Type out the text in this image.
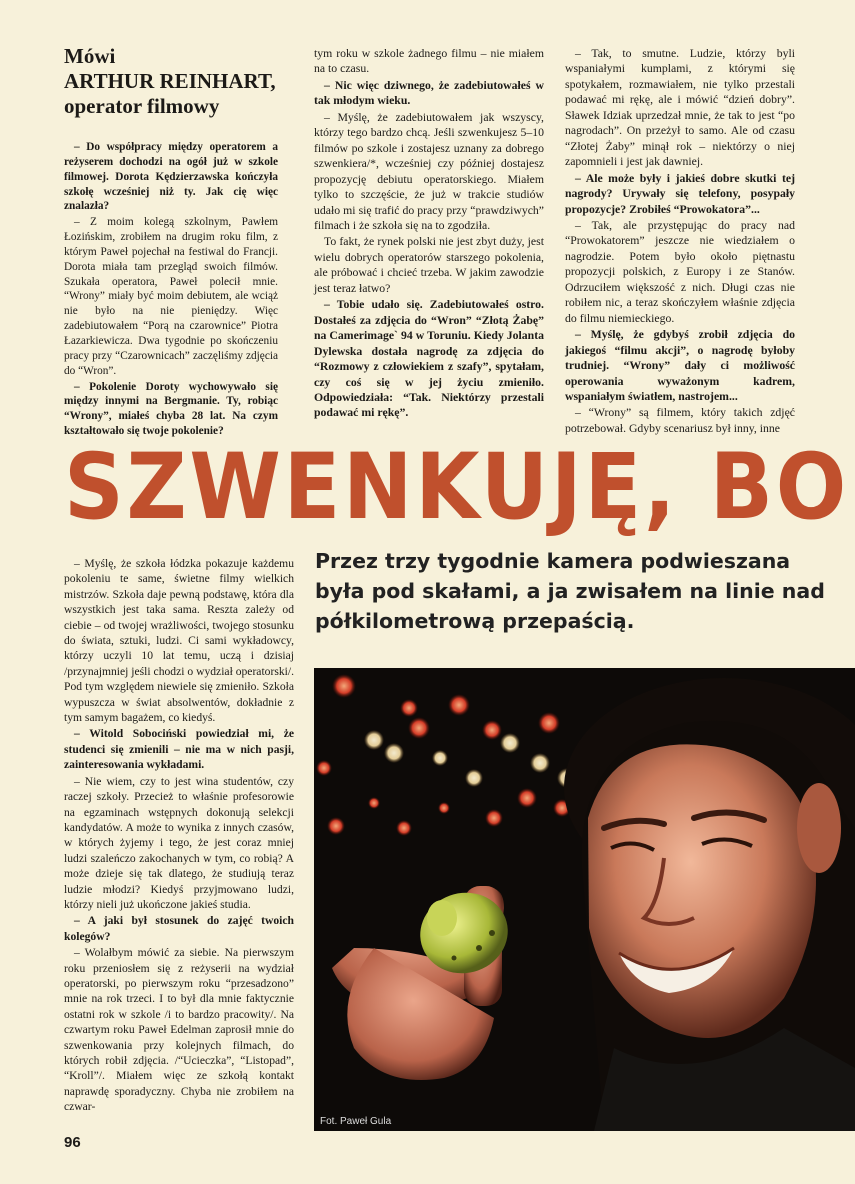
Mówi
ARTHUR REINHART,
operator filmowy

– Do współpracy między operatorem a reżyserem dochodzi na ogół już w szkole filmowej. Dorota Kędzierzawska kończyła szkołę wcześniej niż ty. Jak cię więc znalazła?

– Z moim kolegą szkolnym, Pawłem Łozińskim, zrobiłem na drugim roku film, z którym Paweł pojechał na festiwal do Francji. Dorota miała tam przegląd swoich filmów. Szukała operatora, Paweł polecił mnie. “Wrony” miały być moim debiutem, ale wciąż nie było na nie pieniędzy. Więc zadebiutowałem “Porą na czarownice” Piotra Łazarkiewicza. Dwa tygodnie po skończeniu pracy przy “Czarownicach” zaczęliśmy zdjęcia do “Wron”.

– Pokolenie Doroty wychowywało się między innymi na Bergmanie. Ty, robiąc “Wrony”, miałeś chyba 28 lat. Na czym kształtowało się twoje pokolenie?

tym roku w szkole żadnego filmu – nie miałem na to czasu.

– Nic więc dziwnego, że zadebiutowałeś w tak młodym wieku.

– Myślę, że zadebiutowałem jak wszyscy, którzy tego bardzo chcą. Jeśli szwenkujesz 5–10 filmów po szkole i zostajesz uznany za dobrego szwenkiera/*, wcześniej czy później dostajesz propozycję debiutu operatorskiego. Miałem tylko to szczęście, że już w trakcie studiów udało mi się trafić do pracy przy “prawdziwych” filmach i że szkoła się na to zgodziła.

To fakt, że rynek polski nie jest zbyt duży, jest wielu dobrych operatorów starszego pokolenia, ale próbować i chcieć trzeba. W jakim zawodzie jest teraz łatwo?

– Tobie udało się. Zadebiutowałeś ostro. Dostałeś za zdjęcia do “Wron” “Złotą Żabę” na Camerimage` 94 w Toruniu. Kiedy Jolanta Dylewska dostała nagrodę za zdjęcia do “Rozmowy z człowiekiem z szafy”, spytałam, czy coś się w jej życiu zmieniło. Odpowiedziała: “Tak. Niektórzy przestali podawać mi rękę”.

– Tak, to smutne. Ludzie, którzy byli wspaniałymi kumplami, z którymi się spotykałem, rozmawiałem, nie tylko przestali podawać mi rękę, ale i mówić “dzień dobry”. Sławek Idziak uprzedzał mnie, że tak to jest “po nagrodach”. On przeżył to samo. Ale od czasu “Złotej Żaby” minął rok – niektórzy o niej zapomnieli i jest jak dawniej.

– Ale może były i jakieś dobre skutki tej nagrody? Urywały się telefony, posypały propozycje? Zrobiłeś “Prowokatora”...

– Tak, ale przystępując do pracy nad “Prowokatorem” jeszcze nie wiedziałem o nagrodzie. Potem było około piętnastu propozycji polskich, z Europy i ze Stanów. Odrzuciłem większość z nich. Długi czas nie robiłem nic, a teraz skończyłem właśnie zdjęcia do filmu niemieckiego.

– Myślę, że gdybyś zrobił zdjęcia do jakiegoś “filmu akcji”, o nagrodę byłoby trudniej. “Wrony” dały ci możliwość operowania wyważonym kadrem, wspaniałym światłem, nastrojem...

– “Wrony” są filmem, który takich zdjęć potrzebował. Gdyby scenariusz był inny, inne

SZWENKUJĘ, BO

– Myślę, że szkoła łódzka pokazuje każdemu pokoleniu te same, świetne filmy wielkich mistrzów. Szkoła daje pewną podstawę, która dla wszystkich jest taka sama. Reszta zależy od ciebie – od twojej wrażliwości, twojego stosunku do świata, sztuki, ludzi. Ci sami wykładowcy, którzy uczyli 10 lat temu, uczą i dzisiaj /przynajmniej jeśli chodzi o wydział operatorski/. Pod tym względem niewiele się zmieniło. Szkoła wypuszcza w świat absolwentów, dokładnie z tym samym bagażem, co kiedyś.

– Witold Sobociński powiedział mi, że studenci się zmienili – nie ma w nich pasji, zainteresowania wykładami.

– Nie wiem, czy to jest wina studentów, czy raczej szkoły. Przecież to właśnie profesorowie na egzaminach wstępnych dokonują selekcji kandydatów. A może to wynika z innych czasów, w których żyjemy i tego, że jest coraz mniej ludzi szaleńczo zakochanych w tym, co robią? A może dzieje się tak dlatego, że studiują teraz ludzie młodzi? Kiedyś przyjmowano ludzi, którzy nieli już ukończone jakieś studia.

– A jaki był stosunek do zajęć twoich kolegów?

– Wolałbym mówić za siebie. Na pierwszym roku przeniosłem się z reżyserii na wydział operatorski, po pierwszym roku “przesadzono” mnie na rok trzeci. I to był dla mnie faktycznie ostatni rok w szkole /i to bardzo pracowity/. Na czwartym roku Paweł Edelman zaprosił mnie do szwenkowania przy kolejnych filmach, do których robił zdjęcia. /“Ucieczka”, “Listopad”, “Kroll”/. Miałem więc ze szkołą kontakt naprawdę sporadyczny. Chyba nie zrobiłem na czwar-

Przez trzy tygodnie kamera podwieszana była pod skałami, a ja zwisałem na linie nad półkilometrową przepaścią.
Fot. Paweł Gula
96
